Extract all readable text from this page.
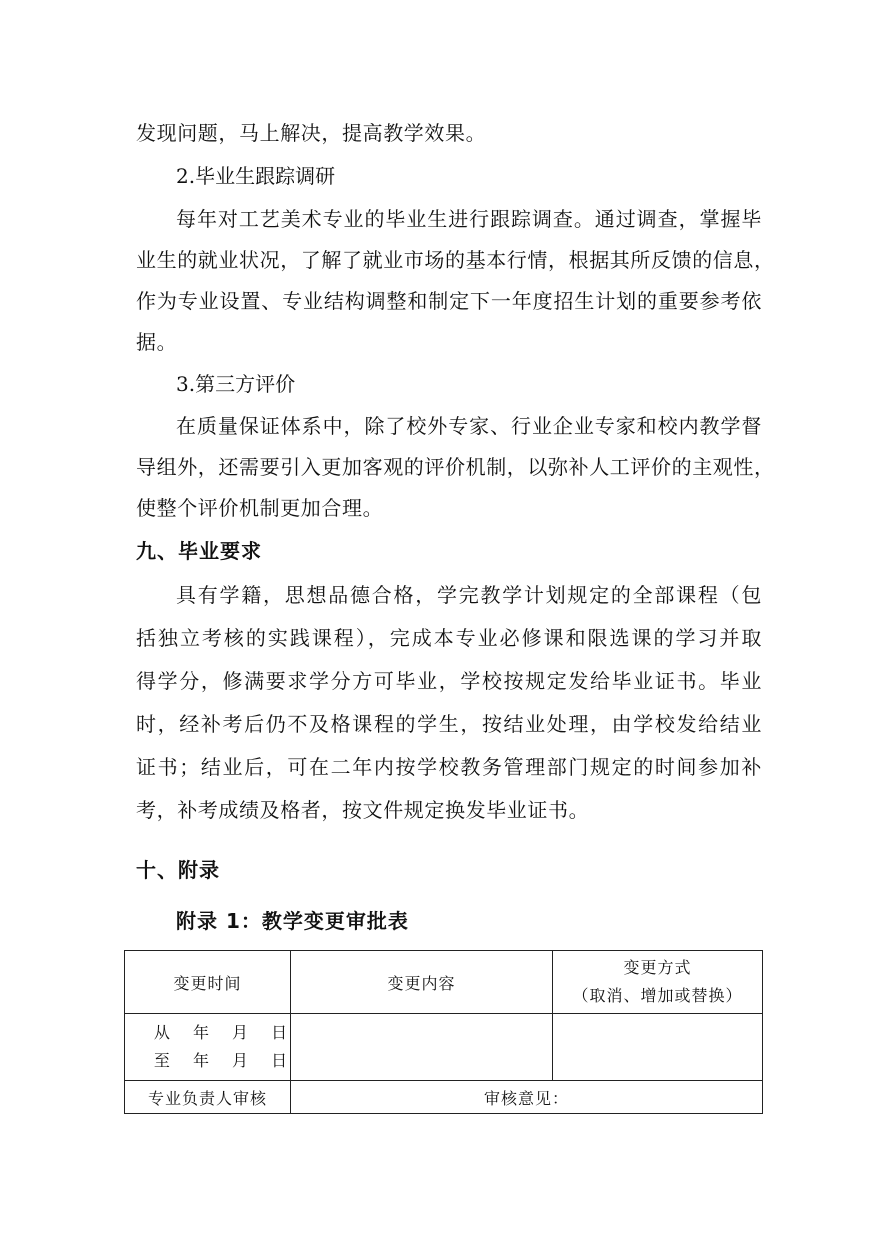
发现问题，马上解决，提高教学效果。
2.毕业生跟踪调研
每年对工艺美术专业的毕业生进行跟踪调查。通过调查，掌握毕
业生的就业状况，了解了就业市场的基本行情，根据其所反馈的信息，
作为专业设置、专业结构调整和制定下一年度招生计划的重要参考依
据。
3.第三方评价
在质量保证体系中，除了校外专家、行业企业专家和校内教学督
导组外，还需要引入更加客观的评价机制，以弥补人工评价的主观性，
使整个评价机制更加合理。
九、毕业要求
具有学籍，思想品德合格，学完教学计划规定的全部课程（包
括独立考核的实践课程），完成本专业必修课和限选课的学习并取
得学分，修满要求学分方可毕业，学校按规定发给毕业证书。毕业
时，经补考后仍不及格课程的学生，按结业处理，由学校发给结业
证书；结业后，可在二年内按学校教务管理部门规定的时间参加补
考，补考成绩及格者，按文件规定换发毕业证书。
十、附录
附录 1：教学变更审批表
变更时间	变更内容	变更方式
（取消、增加或替换）

从 年 月 日
至 年 月 日		

专业负责人审核	审核意见：	
